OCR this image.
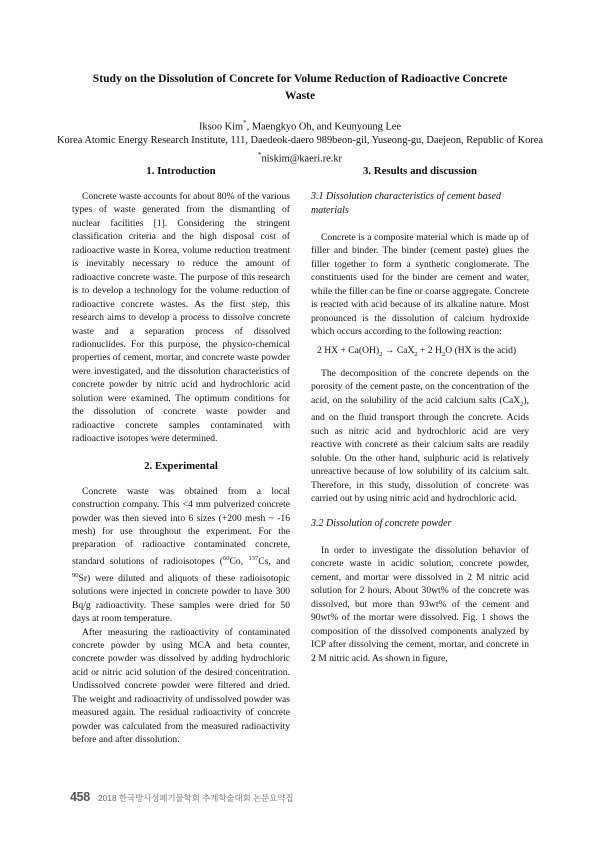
Study on the Dissolution of Concrete for Volume Reduction of Radioactive Concrete
Waste
Iksoo Kim*, Maengkyo Oh, and Keunyoung Lee
Korea Atomic Energy Research Institute, 111, Daedeok-daero 989beon-gil, Yuseong-gu, Daejeon, Republic of Korea
*niskim@kaeri.re.kr
1. Introduction

Concrete waste accounts for about 80% of the various types of waste generated from the dismantling of nuclear facilities [1]. Considering the stringent classification criteria and the high disposal cost of radioactive waste in Korea, volume reduction treatment is inevitably necessary to reduce the amount of radioactive concrete waste. The purpose of this research is to develop a technology for the volume reduction of radioactive concrete wastes. As the first step, this research aims to develop a process to dissolve concrete waste and a separation process of dissolved radionuclides. For this purpose, the physico-chemical properties of cement, mortar, and concrete waste powder were investigated, and the dissolution characteristics of concrete powder by nitric acid and hydrochloric acid solution were examined. The optimum conditions for the dissolution of concrete waste powder and radioactive concrete samples contaminated with radioactive isotopes were determined.

2. Experimental

Concrete waste was obtained from a local construction company. This <4 mm pulverized concrete powder was then sieved into 6 sizes (+200 mesh ~ -16 mesh) for use throughout the experiment. For the preparation of radioactive contaminated concrete, standard solutions of radioisotopes ($^{60}$Co, $^{137}$Cs, and $^{90}$Sr) were diluted and aliquots of these radioisotopic solutions were injected in concrete powder to have 300 Bq/g radioactivity. These samples were dried for 50 days at room temperature.

After measuring the radioactivity of contaminated concrete powder by using MCA and beta counter, concrete powder was dissolved by adding hydrochloric acid or nitric acid solution of the desired concentration. Undissolved concrete powder were filtered and dried. The weight and radioactivity of undissolved powder was measured again. The residual radioactivity of concrete powder was calculated from the measured radioactivity before and after dissolution.

3. Results and discussion
3.1 Dissolution characteristics of cement based materials

Concrete is a composite material which is made up of filler and binder. The binder (cement paste) glues the filler together to form a synthetic conglomerate. The constituents used for the binder are cement and water, while the filler can be fine or coarse aggregate. Concrete is reacted with acid because of its alkaline nature. Most pronounced is the dissolution of calcium hydroxide which occurs according to the following reaction:

2 HX + $Ca(OH)_2 \to CaX_2 + 2$ $H_2O$ (HX is the acid)

The decomposition of the concrete depends on the porosity of the cement paste, on the concentration of the acid, on the solubility of the acid calcium salts (CaX$_2$), and on the fluid transport through the concrete. Acids such as nitric acid and hydrochloric acid are very reactive with concrete as their calcium salts are readily soluble. On the other hand, sulphuric acid is relatively unreactive because of low solubility of its calcium salt. Therefore, in this study, dissolution of concrete was carried out by using nitric acid and hydrochloric acid.

3.2 Dissolution of concrete powder

In order to investigate the dissolution behavior of concrete waste in acidic solution, concrete powder, cement, and mortar were dissolved in 2 M nitric acid solution for 2 hours. About 30wt% of the concrete was dissolved, but more than 93wt% of the cement and 90wt% of the mortar were dissolved. Fig. 1 shows the composition of the dissolved components analyzed by ICP after dissolving the cement, mortar, and concrete in 2 M nitric acid. As shown in figure,

458 2018 한국방사성폐기물학회 추계학술대회 논문요약집
